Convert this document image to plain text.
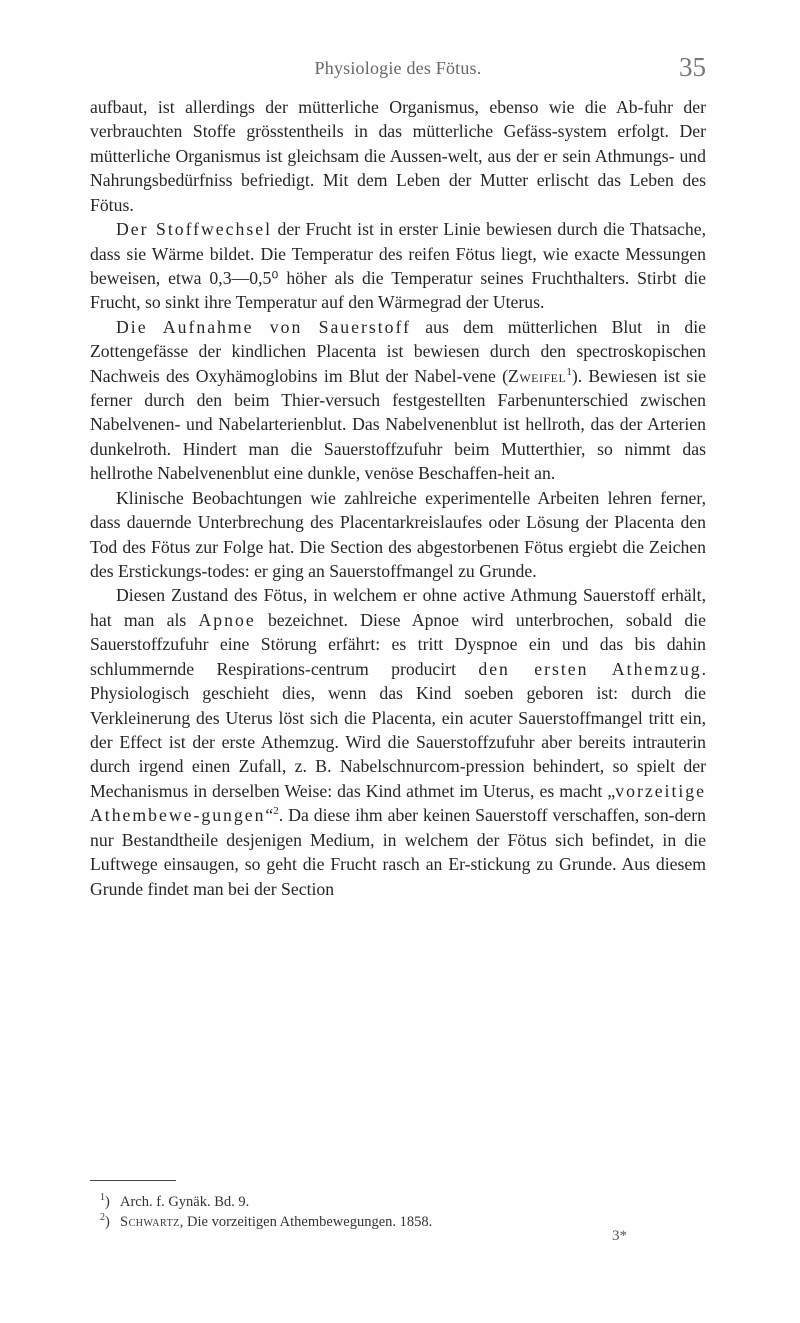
Physiologie des Fötus.	35

aufbaut, ist allerdings der mütterliche Organismus, ebenso wie die Ab-fuhr der verbrauchten Stoffe grösstentheils in das mütterliche Gefäss-system erfolgt. Der mütterliche Organismus ist gleichsam die Aussen-welt, aus der er sein Athmungs- und Nahrungsbedürfniss befriedigt. Mit dem Leben der Mutter erlischt das Leben des Fötus.

Der Stoffwechsel der Frucht ist in erster Linie bewiesen durch die Thatsache, dass sie Wärme bildet. Die Temperatur des reifen Fötus liegt, wie exacte Messungen beweisen, etwa 0,3—0,5⁰ höher als die Temperatur seines Fruchthalters. Stirbt die Frucht, so sinkt ihre Temperatur auf den Wärmegrad der Uterus.

Die Aufnahme von Sauerstoff aus dem mütterlichen Blut in die Zottengefässe der kindlichen Placenta ist bewiesen durch den spectroskopischen Nachweis des Oxyhämoglobins im Blut der Nabel-vene (Zweifel$^1$). Bewiesen ist sie ferner durch den beim Thier-versuch festgestellten Farbenunterschied zwischen Nabelvenen- und Nabelarterienblut. Das Nabelvenenblut ist hellroth, das der Arterien dunkelroth. Hindert man die Sauerstoffzufuhr beim Mutterthier, so nimmt das hellrothe Nabelvenenblut eine dunkle, venöse Beschaffen-heit an.

Klinische Beobachtungen wie zahlreiche experimentelle Arbeiten lehren ferner, dass dauernde Unterbrechung des Placentarkreislaufes oder Lösung der Placenta den Tod des Fötus zur Folge hat. Die Section des abgestorbenen Fötus ergiebt die Zeichen des Erstickungs-todes: er ging an Sauerstoffmangel zu Grunde.

Diesen Zustand des Fötus, in welchem er ohne active Athmung Sauerstoff erhält, hat man als Apnoe bezeichnet. Diese Apnoe wird unterbrochen, sobald die Sauerstoffzufuhr eine Störung erfährt: es tritt Dyspnoe ein und das bis dahin schlummernde Respirations-centrum producirt den ersten Athemzug. Physiologisch geschieht dies, wenn das Kind soeben geboren ist: durch die Verkleinerung des Uterus löst sich die Placenta, ein acuter Sauerstoffmangel tritt ein, der Effect ist der erste Athemzug. Wird die Sauerstoffzufuhr aber bereits intrauterin durch irgend einen Zufall, z. B. Nabelschnurcom-pression behindert, so spielt der Mechanismus in derselben Weise: das Kind athmet im Uterus, es macht „vorzeitige Athembewe-gungen“$^2$. Da diese ihm aber keinen Sauerstoff verschaffen, son-dern nur Bestandtheile desjenigen Medium, in welchem der Fötus sich befindet, in die Luftwege einsaugen, so geht die Frucht rasch an Er-stickung zu Grunde. Aus diesem Grunde findet man bei der Section

$^1$) Arch. f. Gynäk. Bd. 9.

$^2$) Schwartz, Die vorzeitigen Athembewegungen. 1858.

3*
